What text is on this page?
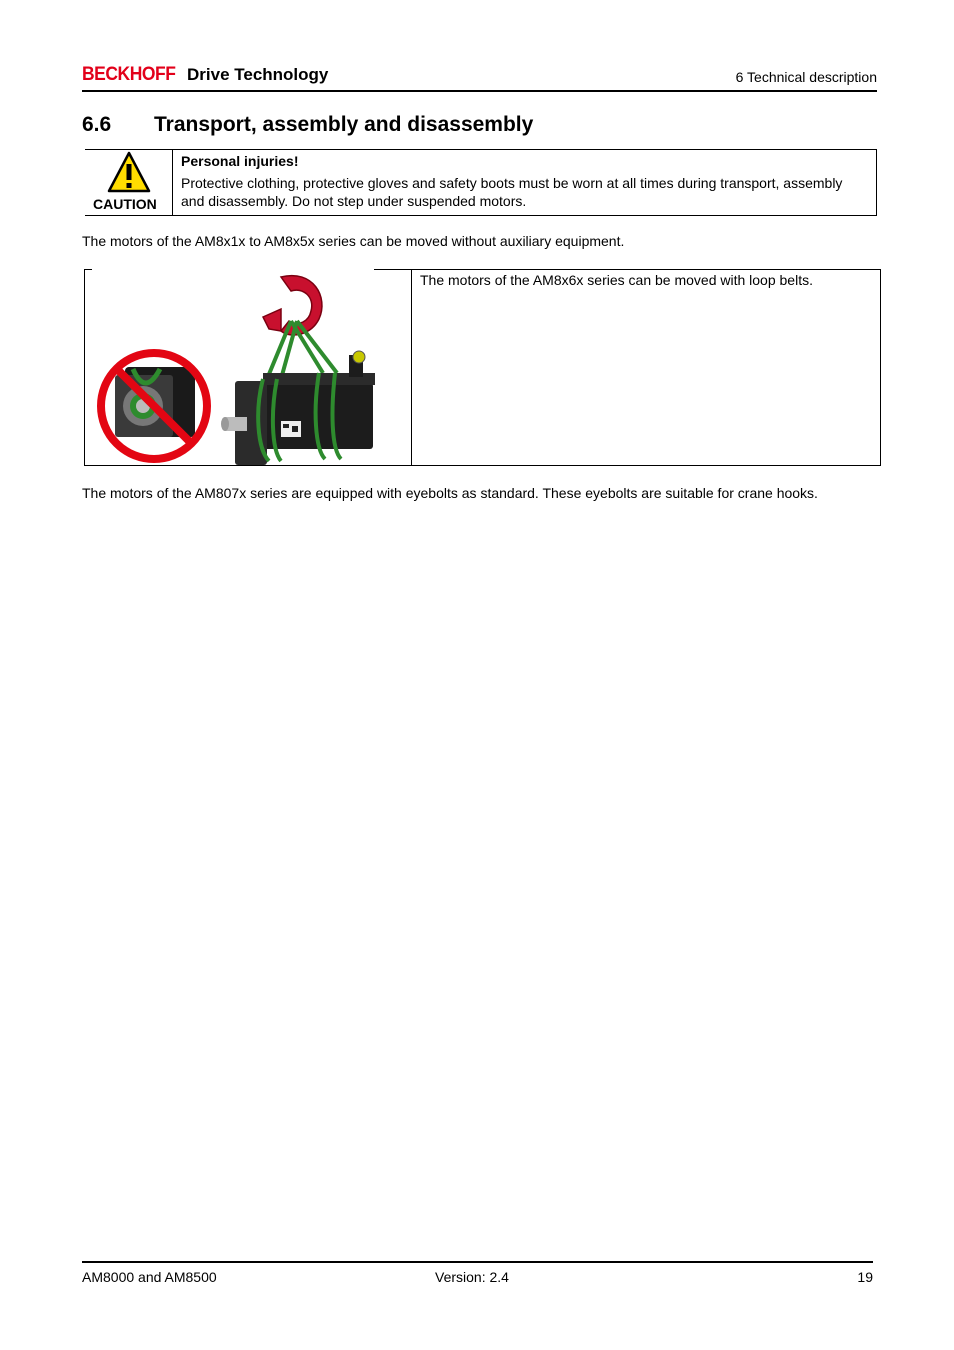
BECKHOFF Drive Technology	6 Technical description
6.6 Transport, assembly and disassembly
CAUTION
Personal injuries!
Protective clothing, protective gloves and safety boots must be worn at all times during transport, assembly and disassembly. Do not step under suspended motors.
The motors of the AM8x1x to AM8x5x series can be moved without auxiliary equipment.
The motors of the AM8x6x series can be moved with loop belts.
The motors of the AM807x series are equipped with eyebolts as standard. These eyebolts are suitable for crane hooks.
AM8000 and AM8500	Version: 2.4	19
